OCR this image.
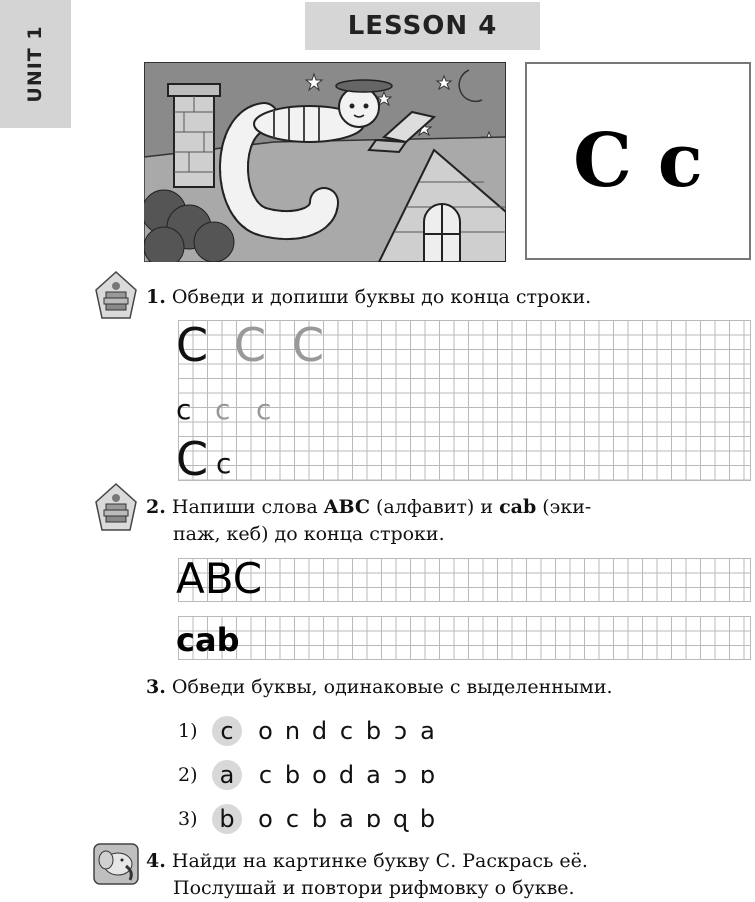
UNIT 1	LESSON 4
C c
1. Обведи и допиши буквы до конца строки.
C C C
c c c
C c
2. Напиши слова ABC (алфавит) и cab (эки-
паж, кеб) до конца строки.
ABC
cab
3. Обведи буквы, одинаковые с выделенными.
1) c	o n d c b ɔ a
2) a	c b o d a ɔ ɒ
3) b o c b a ɒ ɋ b
4. Найди на картинке букву С. Раскрась её.
Послушай и повтори рифмовку о букве.
